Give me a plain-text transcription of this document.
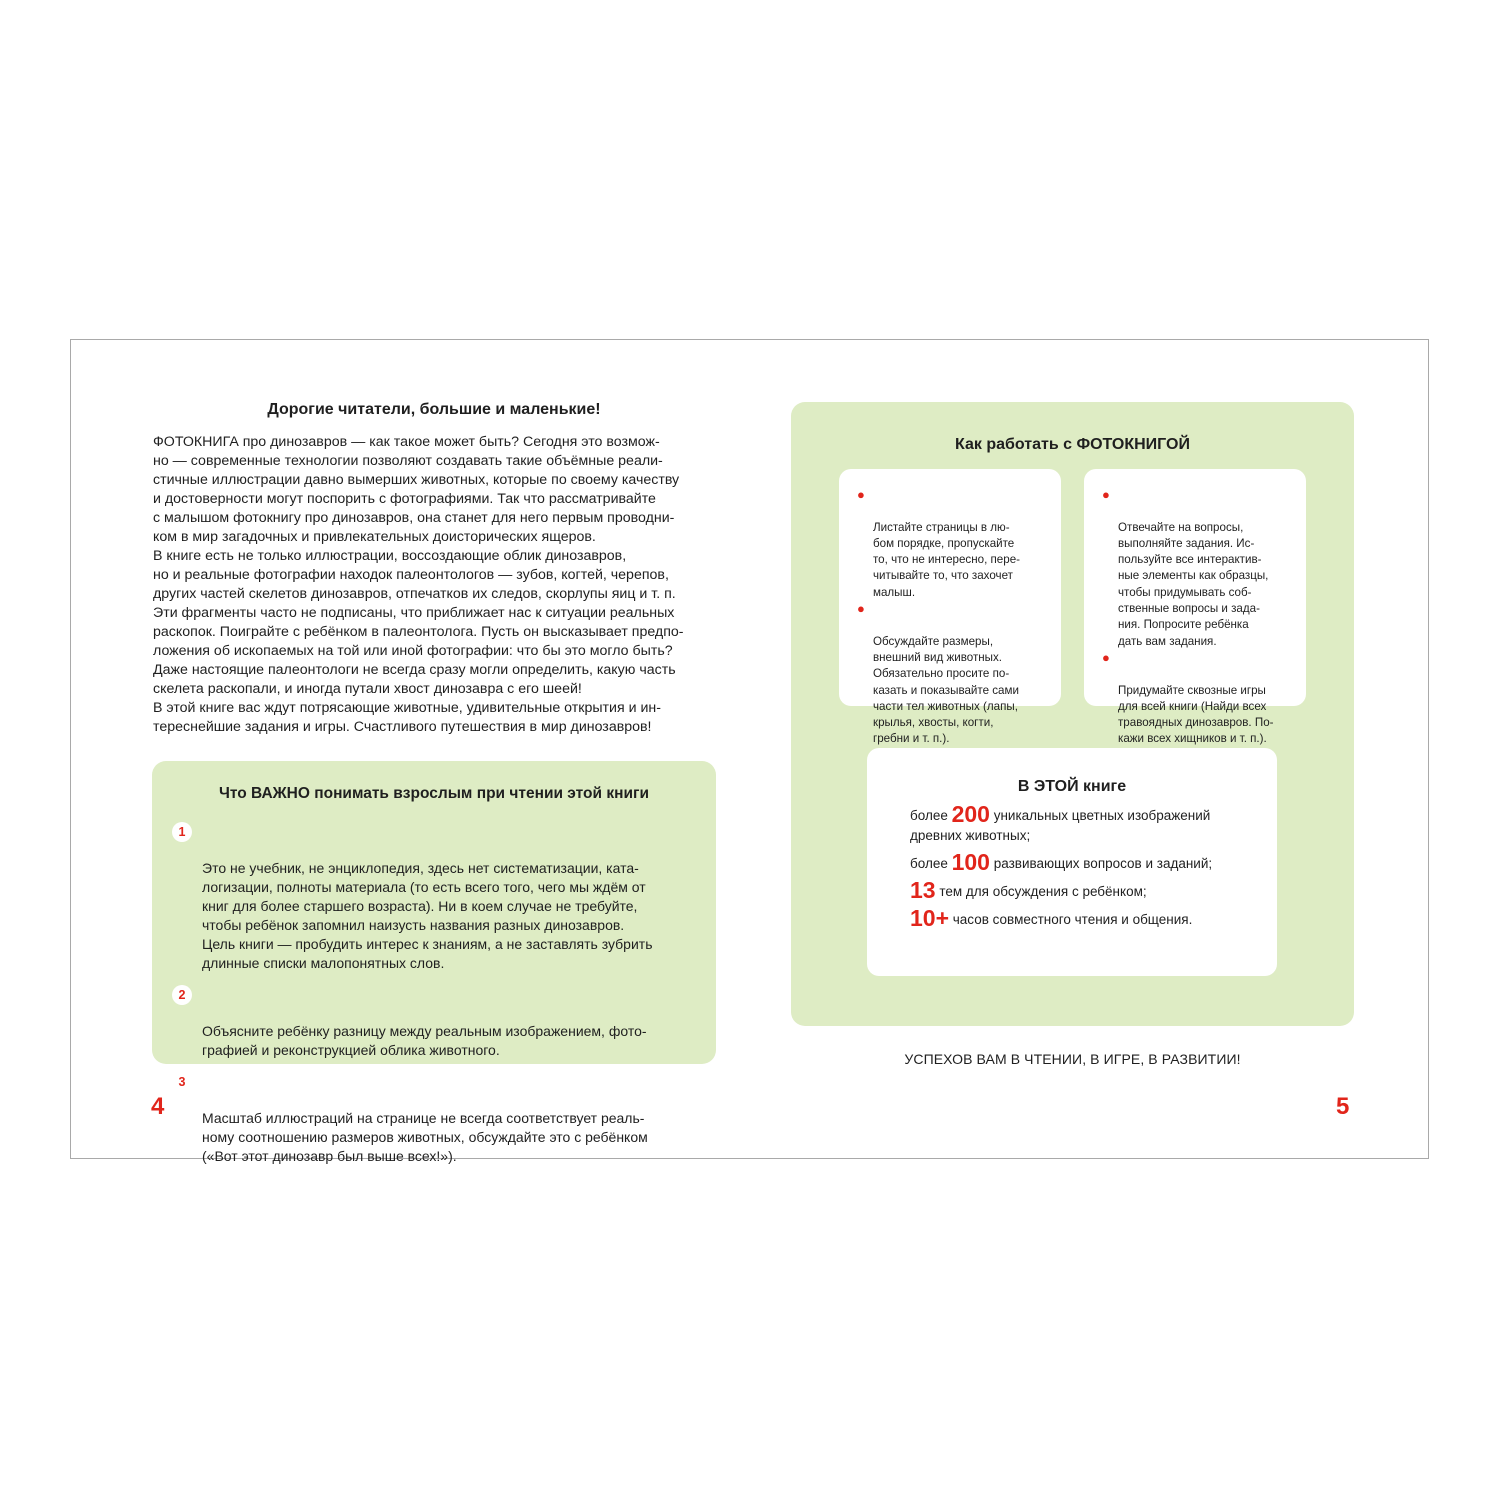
Дорогие читатели, большие и маленькие!
ФОТОКНИГА про динозавров — как такое может быть? Сегодня это возмож-
но — современные технологии позволяют создавать такие объёмные реали-
стичные иллюстрации давно вымерших животных, которые по своему качеству
и достоверности могут поспорить с фотографиями. Так что рассматривайте
с малышом фотокнигу про динозавров, она станет для него первым проводни-
ком в мир загадочных и привлекательных доисторических ящеров.
В книге есть не только иллюстрации, воссоздающие облик динозавров,
но и реальные фотографии находок палеонтологов — зубов, когтей, черепов,
других частей скелетов динозавров, отпечатков их следов, скорлупы яиц и т. п.
Эти фрагменты часто не подписаны, что приближает нас к ситуации реальных
раскопок. Поиграйте с ребёнком в палеонтолога. Пусть он высказывает предпо-
ложения об ископаемых на той или иной фотографии: что бы это могло быть?
Даже настоящие палеонтологи не всегда сразу могли определить, какую часть
скелета раскопали, и иногда путали хвост динозавра с его шеей!
В этой книге вас ждут потрясающие животные, удивительные открытия и ин-
тереснейшие задания и игры. Счастливого путешествия в мир динозавров!
Что ВАЖНО понимать взрослым при чтении этой книги

1

Это не учебник, не энциклопедия, здесь нет систематизации, ката-
логизации, полноты материала (то есть всего того, чего мы ждём от
книг для более старшего возраста). Ни в коем случае не требуйте,
чтобы ребёнок запомнил наизусть названия разных динозавров.
Цель книги — пробудить интерес к знаниям, а не заставлять зубрить
длинные списки малопонятных слов.

2

Объясните ребёнку разницу между реальным изображением, фото-
графией и реконструкцией облика животного.

3

Масштаб иллюстраций на странице не всегда соответствует реаль-
ному соотношению размеров животных, обсуждайте это с ребёнком
(«Вот этот динозавр был выше всех!»).

4
Как работать с ФОТОКНИГОЙ

●

Листайте страницы в лю-
бом порядке, пропускайте
то, что не интересно, пере-
читывайте то, что захочет
малыш.

●

Обсуждайте размеры,
внешний вид животных.
Обязательно просите по-
казать и показывайте сами
части тел животных (лапы,
крылья, хвосты, когти,
гребни и т. п.).

●

Отвечайте на вопросы,
выполняйте задания. Ис-
пользуйте все интерактив-
ные элементы как образцы,
чтобы придумывать соб-
ственные вопросы и зада-
ния. Попросите ребёнка
дать вам задания.

●

Придумайте сквозные игры
для всей книги (Найди всех
травоядных динозавров. По-
кажи всех хищников и т. п.).

В ЭТОЙ книге
более 200 уникальных цветных изображений древних животных;
более 100 развивающих вопросов и заданий;
13 тем для обсуждения с ребёнком;
10+ часов совместного чтения и общения.
УСПЕХОВ ВАМ В ЧТЕНИИ, В ИГРЕ, В РАЗВИТИИ!
5
